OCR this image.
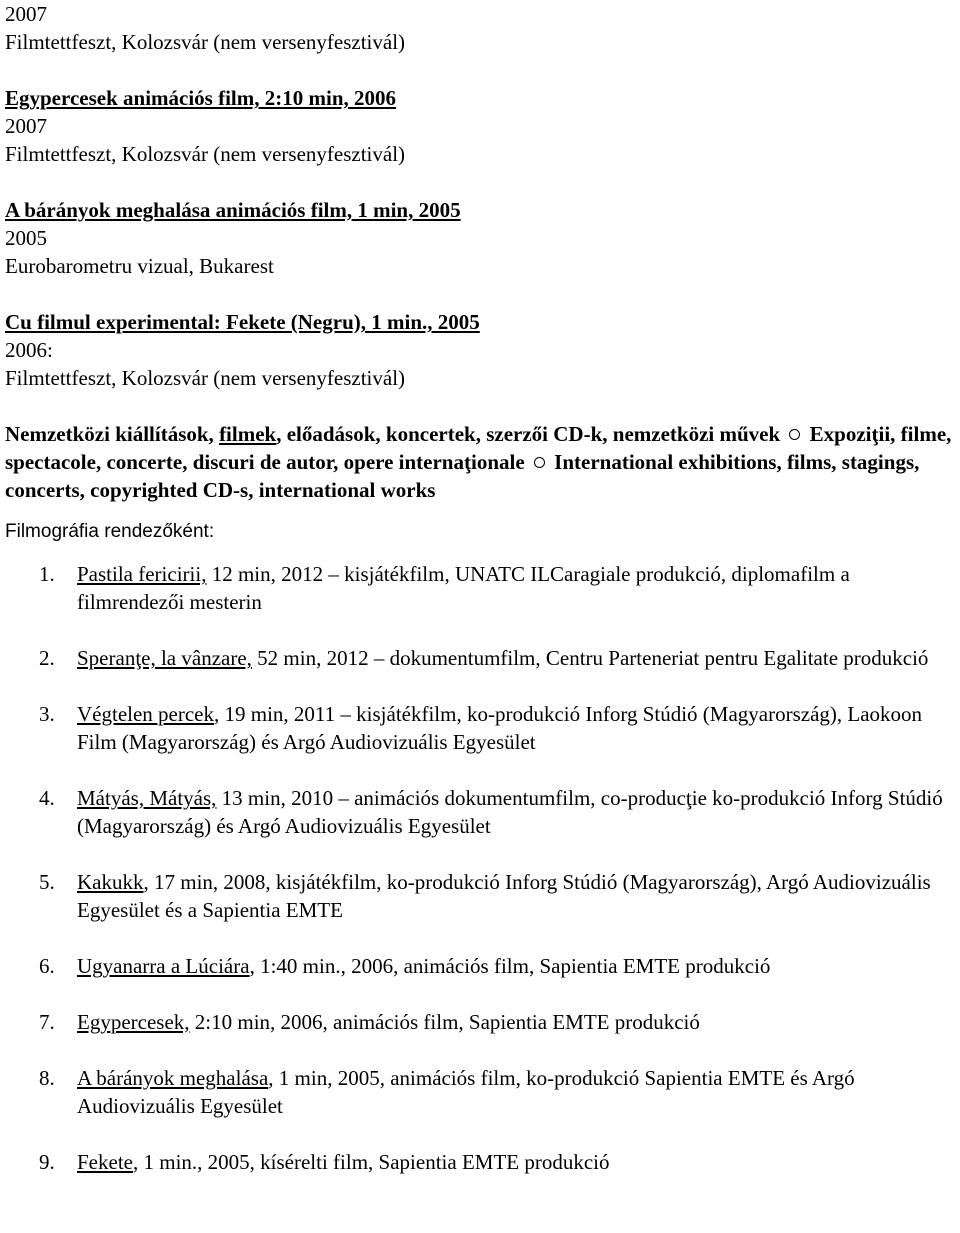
2007
Filmtettfeszt, Kolozsvár (nem versenyfesztivál)
Egypercesek animációs film, 2:10 min, 2006
2007
Filmtettfeszt, Kolozsvár (nem versenyfesztivál)
A bárányok meghalása animációs film, 1 min, 2005
2005
Eurobarometru vizual, Bukarest
Cu filmul experimental: Fekete (Negru), 1 min., 2005
2006:
Filmtettfeszt, Kolozsvár (nem versenyfesztivál)
Nemzetközi kiállítások, filmek, előadások, koncertek, szerzői CD-k, nemzetközi művek Expoziţii, filme, spectacole, concerte, discuri de autor, opere internaţionale International exhibitions, films, stagings, concerts, copyrighted CD-s, international works
Filmográfia rendezőként:
1. Pastila fericirii, 12 min, 2012 – kisjátékfilm, UNATC ILCaragiale produkció, diplomafilm a filmrendezői mesterin
2. Speranţe, la vânzare, 52 min, 2012 – dokumentumfilm, Centru Parteneriat pentru Egalitate produkció
3. Végtelen percek, 19 min, 2011 – kisjátékfilm, ko-produkció Inforg Stúdió (Magyarország), Laokoon Film (Magyarország) és Argó Audiovizuális Egyesület
4. Mátyás, Mátyás, 13 min, 2010 – animációs dokumentumfilm, co-producţie ko-produkció Inforg Stúdió (Magyarország) és Argó Audiovizuális Egyesület
5. Kakukk, 17 min, 2008, kisjátékfilm, ko-produkció Inforg Stúdió (Magyarország), Argó Audiovizuális Egyesület és a Sapientia EMTE
6. Ugyanarra a Lúciára, 1:40 min., 2006, animációs film, Sapientia EMTE produkció
7. Egypercesek, 2:10 min, 2006, animációs film, Sapientia EMTE produkció
8. A bárányok meghalása, 1 min, 2005, animációs film, ko-produkció Sapientia EMTE és Argó Audiovizuális Egyesület
9. Fekete, 1 min., 2005, kísérelti film, Sapientia EMTE produkció
